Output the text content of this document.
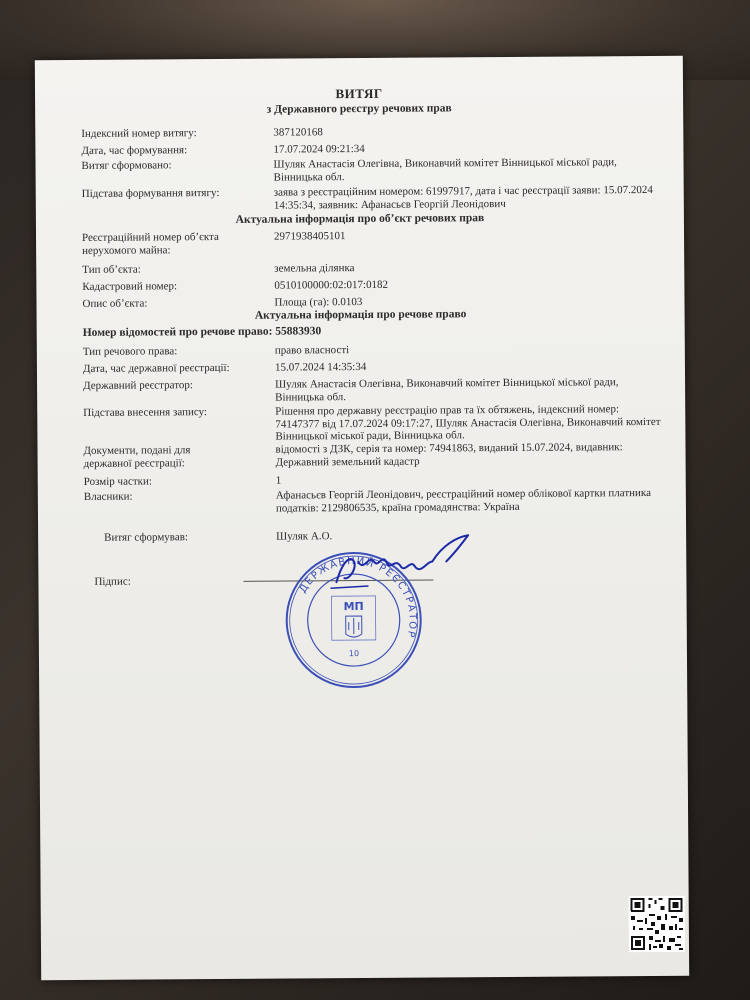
ВИТЯГ
з Державного реєстру речових прав
Індексний номер витягу:	387120168
Дата, час формування:	17.07.2024 09:21:34
Витяг сформовано:	Шуляк Анастасія Олегівна, Виконавчий комітет Вінницької міської ради, Вінницька обл.
Підстава формування витягу:	заява з реєстраційним номером: 61997917, дата і час реєстрації заяви: 15.07.2024 14:35:34, заявник: Афанасьєв Георгій Леонідович
Актуальна інформація про об’єкт речових прав
Реєстраційний номер об’єкта нерухомого майна:
2971938405101
Тип об’єкта:	земельна ділянка
Кадастровий номер:	0510100000:02:017:0182
Опис об’єкта:	Площа (га): 0.0103
Актуальна інформація про речове право
Номер відомостей про речове право: 55883930
Тип речового права:	право власності
Дата, час державної реєстрації:	15.07.2024 14:35:34
Державний реєстратор:	Шуляк Анастасія Олегівна, Виконавчий комітет Вінницької міської ради, Вінницька обл.
Підстава внесення запису:	Рішення про державну реєстрацію прав та їх обтяжень, індексний номер: 74147377 від 17.07.2024 09:17:27, Шуляк Анастасія Олегівна, Виконавчий комітет Вінницької міської ради, Вінницька обл.
Документи, подані для державної реєстрації:
відомості з ДЗК, серія та номер: 74941863, виданий 15.07.2024, видавник: Державний земельний кадастр
Розмір частки:	1
Власники:	Афанасьєв Георгій Леонідович, реєстраційний номер облікової картки платника податків: 2129806535, країна громадянства: Україна
Витяг сформував:	Шуляк А.О.
Підпис:	ДЕРЖАВНИЙ РЕЄСТРАТОР
МП
10
